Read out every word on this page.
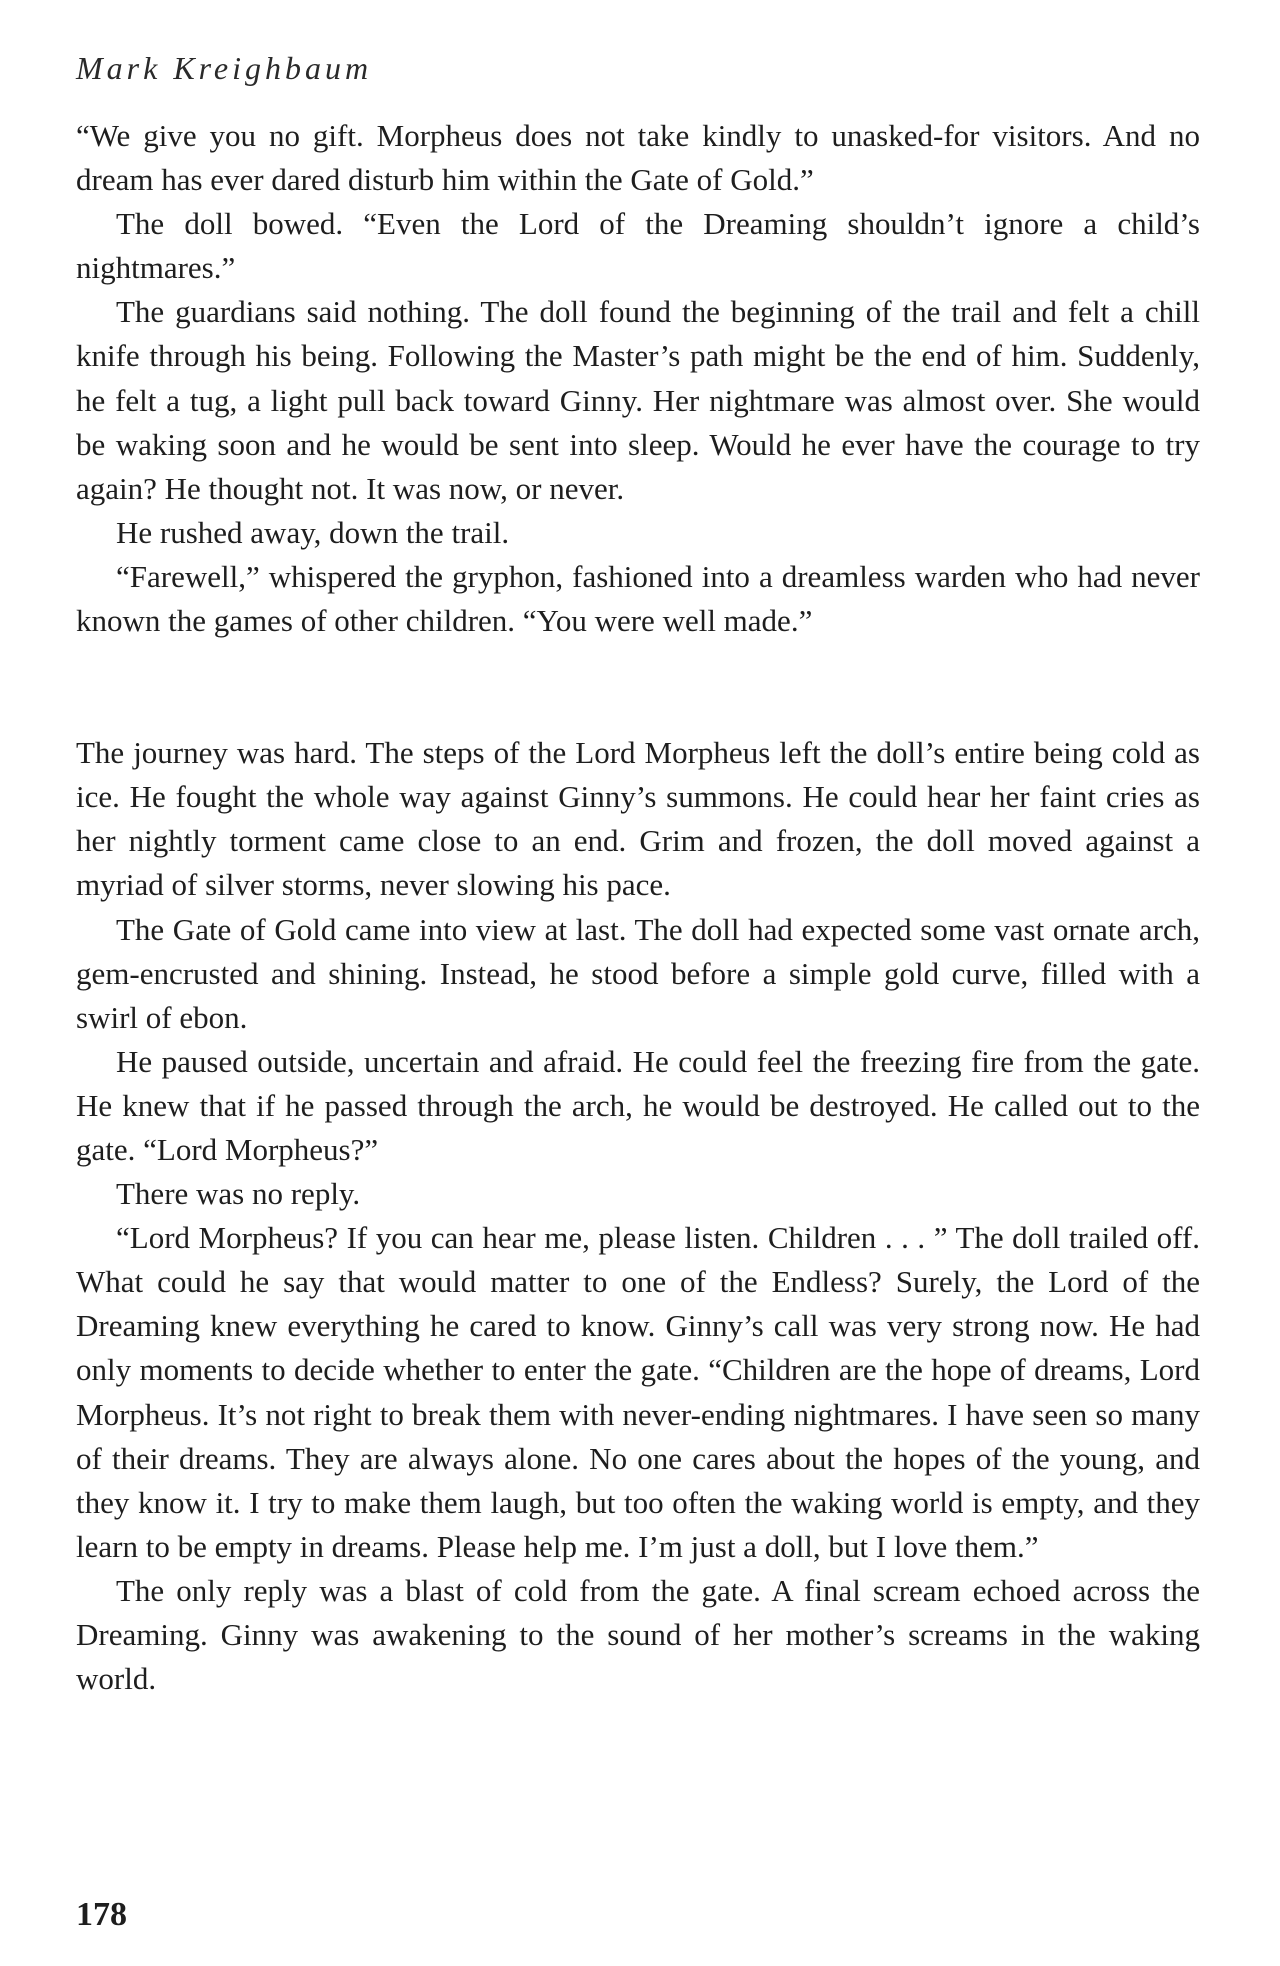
Mark Kreighbaum

“We give you no gift. Morpheus does not take kindly to unasked-for visitors. And no dream has ever dared disturb him within the Gate of Gold.”

The doll bowed. “Even the Lord of the Dreaming shouldn’t ignore a child’s nightmares.”

The guardians said nothing. The doll found the beginning of the trail and felt a chill knife through his being. Following the Master’s path might be the end of him. Suddenly, he felt a tug, a light pull back toward Ginny. Her nightmare was almost over. She would be waking soon and he would be sent into sleep. Would he ever have the courage to try again? He thought not. It was now, or never.

He rushed away, down the trail.

“Farewell,” whispered the gryphon, fashioned into a dreamless warden who had never known the games of other children. “You were well made.”

The journey was hard. The steps of the Lord Morpheus left the doll’s entire being cold as ice. He fought the whole way against Ginny’s summons. He could hear her faint cries as her nightly torment came close to an end. Grim and frozen, the doll moved against a myriad of silver storms, never slowing his pace.

The Gate of Gold came into view at last. The doll had expected some vast ornate arch, gem-encrusted and shining. Instead, he stood before a simple gold curve, filled with a swirl of ebon.

He paused outside, uncertain and afraid. He could feel the freezing fire from the gate. He knew that if he passed through the arch, he would be destroyed. He called out to the gate. “Lord Morpheus?”

There was no reply.

“Lord Morpheus? If you can hear me, please listen. Children . . . ” The doll trailed off. What could he say that would matter to one of the Endless? Surely, the Lord of the Dreaming knew everything he cared to know. Ginny’s call was very strong now. He had only moments to decide whether to enter the gate. “Children are the hope of dreams, Lord Morpheus. It’s not right to break them with never-ending nightmares. I have seen so many of their dreams. They are always alone. No one cares about the hopes of the young, and they know it. I try to make them laugh, but too often the waking world is empty, and they learn to be empty in dreams. Please help me. I’m just a doll, but I love them.”

The only reply was a blast of cold from the gate. A final scream echoed across the Dreaming. Ginny was awakening to the sound of her mother’s screams in the waking world.

178
